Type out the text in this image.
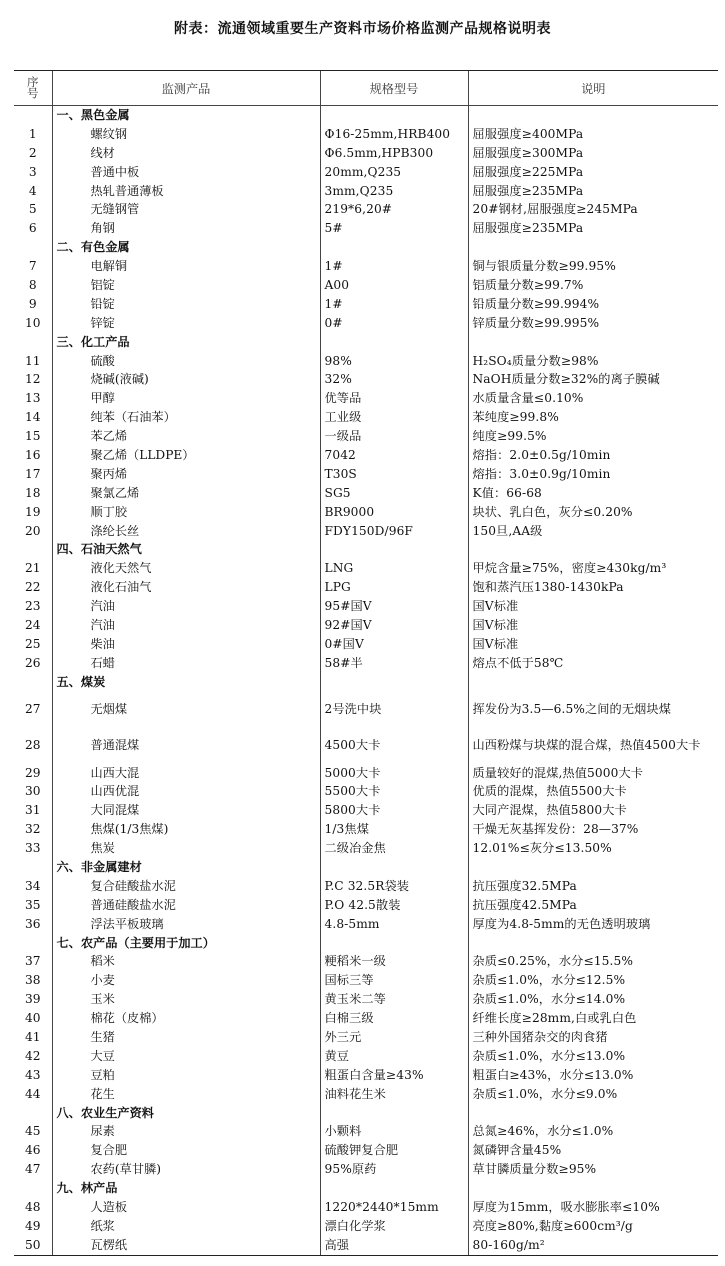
附表：流通领域重要生产资料市场价格监测产品规格说明表
序号	监测产品	规格型号	说明
	一、黑色金属		
1	螺纹钢	Φ16-25mm,HRB400	屈服强度≥400MPa
2	线材	Φ6.5mm,HPB300	屈服强度≥300MPa
3	普通中板	20mm,Q235	屈服强度≥225MPa
4	热轧普通薄板	3mm,Q235	屈服强度≥235MPa
5	无缝钢管	219*6,20#	20#钢材,屈服强度≥245MPa
6	角钢	5#	屈服强度≥235MPa
	二、有色金属		
7	电解铜	1#	铜与银质量分数≥99.95%
8	铝锭	A00	铝质量分数≥99.7%
9	铅锭	1#	铅质量分数≥99.994%
10	锌锭	0#	锌质量分数≥99.995%
	三、化工产品		
11	硫酸	98%	H₂SO₄质量分数≥98%
12	烧碱(液碱)	32%	NaOH质量分数≥32%的离子膜碱
13	甲醇	优等品	水质量含量≤0.10%
14	纯苯（石油苯）	工业级	苯纯度≥99.8%
15	苯乙烯	一级品	纯度≥99.5%
16	聚乙烯（LLDPE）	7042	熔指：2.0±0.5g/10min
17	聚丙烯	T30S	熔指：3.0±0.9g/10min
18	聚氯乙烯	SG5	K值：66-68
19	顺丁胶	BR9000	块状、乳白色，灰分≤0.20%
20	涤纶长丝	FDY150D/96F	150旦,AA级
	四、石油天然气		
21	液化天然气	LNG	甲烷含量≥75%，密度≥430kg/m³
22	液化石油气	LPG	饱和蒸汽压1380-1430kPa
23	汽油	95#国Ⅴ	国Ⅴ标准
24	汽油	92#国Ⅴ	国Ⅴ标准
25	柴油	0#国Ⅴ	国Ⅴ标准
26	石蜡	58#半	熔点不低于58℃
	五、煤炭		
27	无烟煤	2号洗中块	挥发份为3.5—6.5%之间的无烟块煤
28	普通混煤	4500大卡	山西粉煤与块煤的混合煤，热值4500大卡
29	山西大混	5000大卡	质量较好的混煤,热值5000大卡
30	山西优混	5500大卡	优质的混煤，热值5500大卡
31	大同混煤	5800大卡	大同产混煤，热值5800大卡
32	焦煤(1/3焦煤)	1/3焦煤	干燥无灰基挥发份：28—37%
33	焦炭	二级冶金焦	12.01%≤灰分≤13.50%
	六、非金属建材		
34	复合硅酸盐水泥	P.C 32.5R袋装	抗压强度32.5MPa
35	普通硅酸盐水泥	P.O 42.5散装	抗压强度42.5MPa
36	浮法平板玻璃	4.8-5mm	厚度为4.8-5mm的无色透明玻璃
	七、农产品（主要用于加工）		
37	稻米	粳稻米一级	杂质≤0.25%，水分≤15.5%
38	小麦	国标三等	杂质≤1.0%，水分≤12.5%
39	玉米	黄玉米二等	杂质≤1.0%，水分≤14.0%
40	棉花（皮棉）	白棉三级	纤维长度≥28mm,白或乳白色
41	生猪	外三元	三种外国猪杂交的肉食猪
42	大豆	黄豆	杂质≤1.0%，水分≤13.0%
43	豆粕	粗蛋白含量≥43%	粗蛋白≥43%，水分≤13.0%
44	花生	油料花生米	杂质≤1.0%，水分≤9.0%
	八、农业生产资料		
45	尿素	小颗料	总氮≥46%，水分≤1.0%
46	复合肥	硫酸钾复合肥	氮磷钾含量45%
47	农药(草甘膦)	95%原药	草甘膦质量分数≥95%
	九、林产品		
48	人造板	1220*2440*15mm	厚度为15mm，吸水膨胀率≤10%
49	纸浆	漂白化学浆	亮度≥80%,黏度≥600cm³/g
50	瓦楞纸	高强	80-160g/m²
